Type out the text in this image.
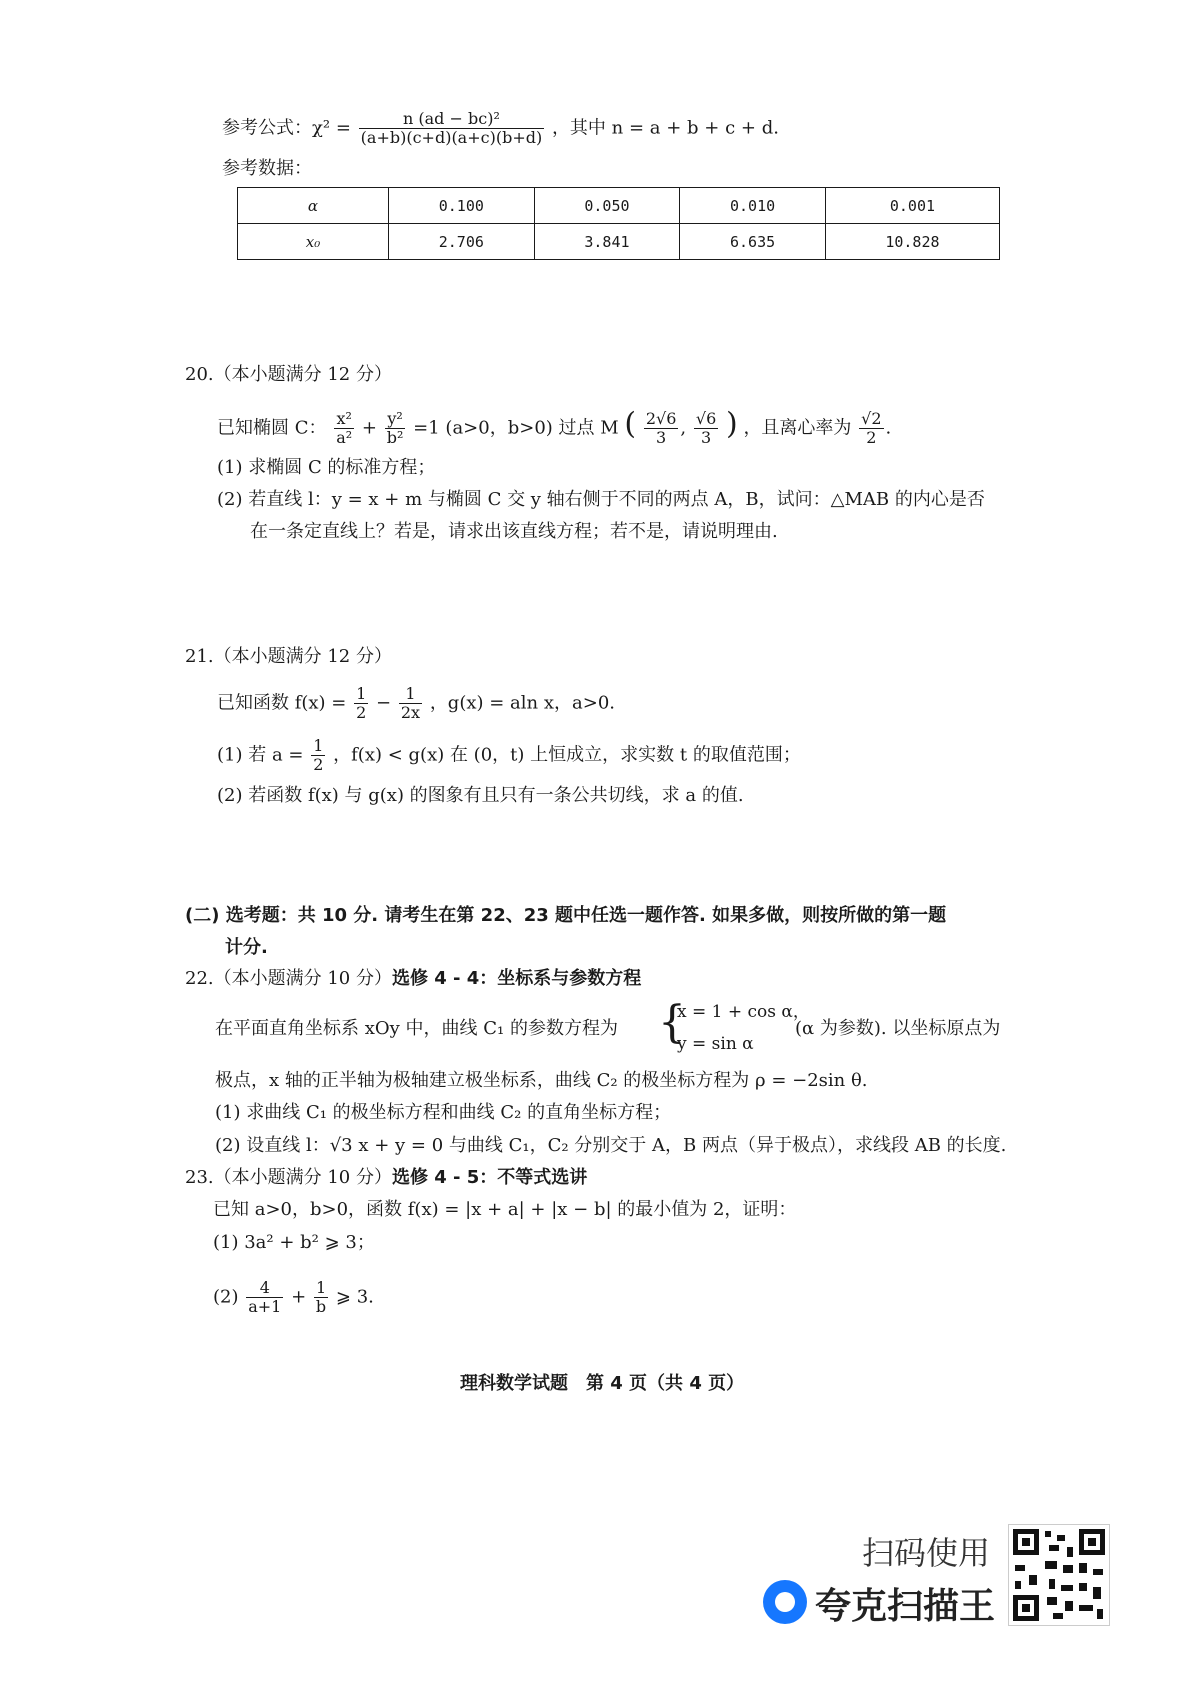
参考公式：$\chi^2 = \frac{\text{n (ad − bc)²}}{(a+b)(c+d)(a+c)(b+d)}$ ，其中 n = a + b + c + d.
参考数据：
α	0.100	0.050	0.010	0.001
x₀	2.706	3.841	6.635	10.828
20.（本小题满分 12 分）
已知椭圆 C： $\frac{\text{x²}}{\text{a²}} + \frac{\text{y²}}{\text{b²}} =1$ (a>0，b>0) 过点 M ( $\frac{2√6}{3}$ , $\frac{√6}{3}$ ) ，且离心率为 $\frac{√2}{2}$ .
(1) 求椭圆 C 的标准方程；
(2) 若直线 l：y = x + m 与椭圆 C 交 y 轴右侧于不同的两点 A，B，试问：△MAB 的内心是否
在一条定直线上？若是，请求出该直线方程；若不是，请说明理由.
21.（本小题满分 12 分）
已知函数 $f(x) = \frac{1}{2} - \frac{1}{2x}$ ，g(x) = aln x，a>0.
(1) 若 $a = \frac{1}{2}$ ，f(x) < g(x) 在 (0，t) 上恒成立，求实数 t 的取值范围；
(2) 若函数 f(x) 与 g(x) 的图象有且只有一条公共切线，求 a 的值.
(二) 选考题：共 10 分. 请考生在第 22、23 题中任选一题作答. 如果多做，则按所做的第一题
计分.
22.（本小题满分 10 分）选修 4 - 4：坐标系与参数方程
在平面直角坐标系 xOy 中，曲线 C₁ 的参数方程为 {
x = 1 + cos α，
y = sin α
(α 为参数). 以坐标原点为
极点，x 轴的正半轴为极轴建立极坐标系，曲线 C₂ 的极坐标方程为 ρ = −2sin θ.
(1) 求曲线 C₁ 的极坐标方程和曲线 C₂ 的直角坐标方程；
(2) 设直线 l：√3 x + y = 0 与曲线 C₁，C₂ 分别交于 A，B 两点（异于极点），求线段 AB 的长度.
23.（本小题满分 10 分）选修 4 - 5：不等式选讲
已知 a>0，b>0，函数 f(x) = |x + a| + |x − b| 的最小值为 2，证明：
(1) 3a² + b² ⩾ 3；
$(2) \frac{4}{a+1} + \frac{1}{b}$ ⩾ 3.
理科数学试题　第 4 页（共 4 页）
扫码使用
夸克扫描王
